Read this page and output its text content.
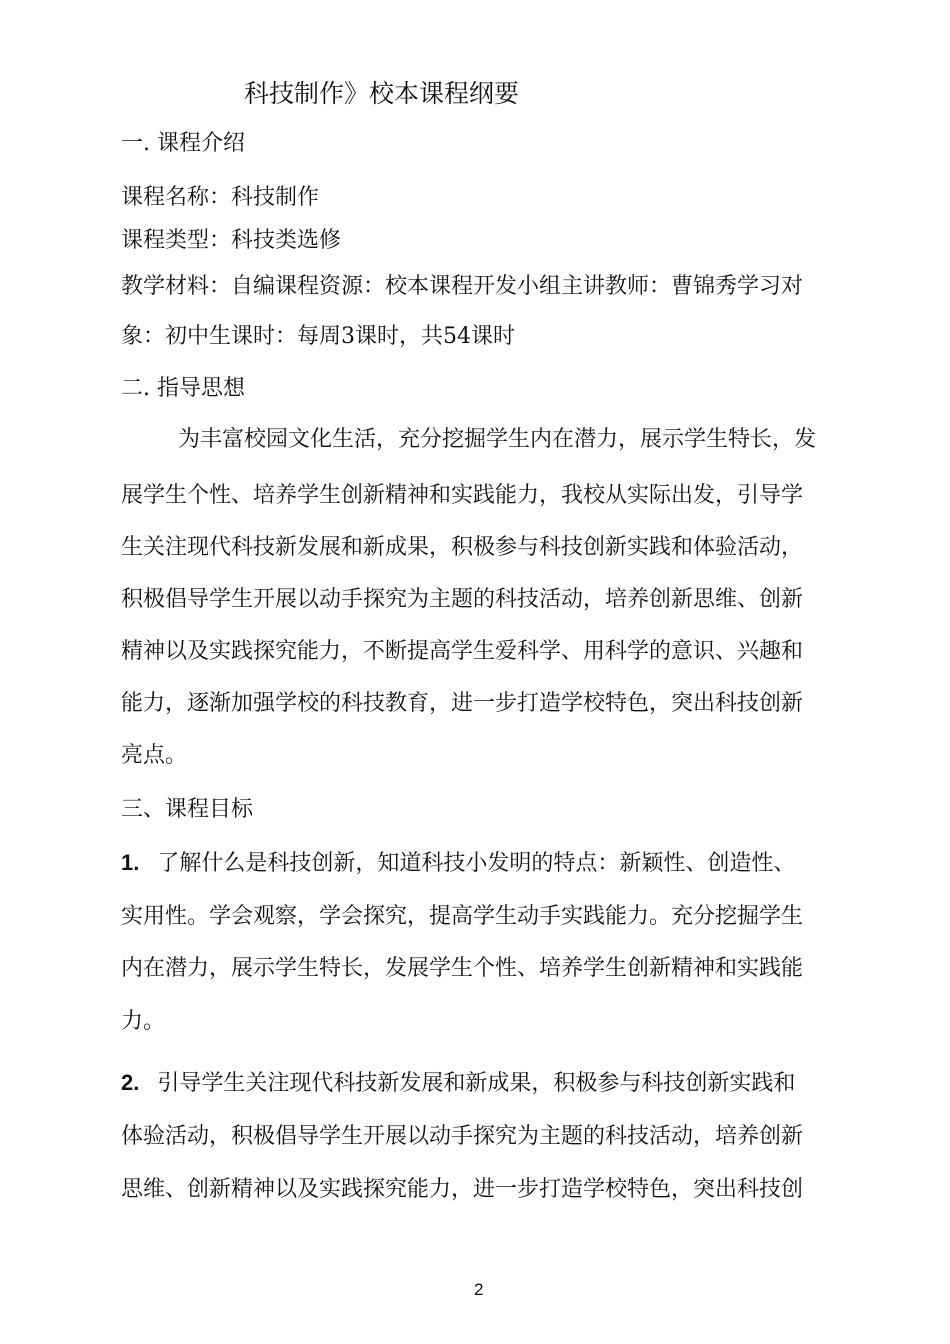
科技制作》校本课程纲要
一. 课程介绍
课程名称：科技制作
课程类型：科技类选修
教学材料：自编课程资源：校本课程开发小组主讲教师：曹锦秀学习对
象：初中生课时：每周3课时，共54课时
二. 指导思想
为丰富校园文化生活，充分挖掘学生内在潜力，展示学生特长，发
展学生个性、培养学生创新精神和实践能力，我校从实际出发，引导学
生关注现代科技新发展和新成果，积极参与科技创新实践和体验活动，
积极倡导学生开展以动手探究为主题的科技活动，培养创新思维、创新
精神以及实践探究能力，不断提高学生爱科学、用科学的意识、兴趣和
能力，逐渐加强学校的科技教育，进一步打造学校特色，突出科技创新
亮点。
三、课程目标
1. 了解什么是科技创新，知道科技小发明的特点：新颖性、创造性、
实用性。学会观察，学会探究，提高学生动手实践能力。充分挖掘学生
内在潜力，展示学生特长，发展学生个性、培养学生创新精神和实践能
力。
2. 引导学生关注现代科技新发展和新成果，积极参与科技创新实践和
体验活动，积极倡导学生开展以动手探究为主题的科技活动，培养创新
思维、创新精神以及实践探究能力，进一步打造学校特色，突出科技创
2
